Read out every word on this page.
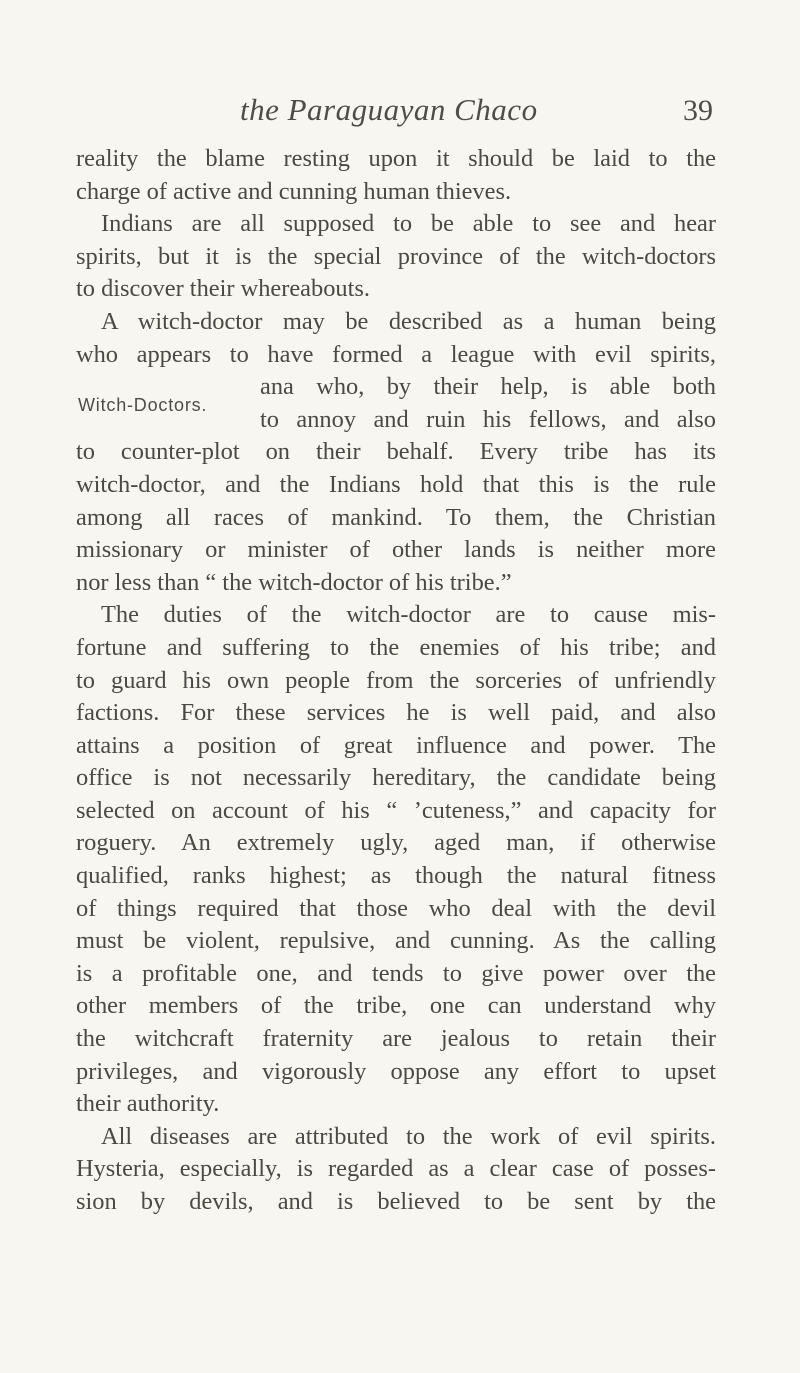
the Paraguayan Chaco	39
reality the blame resting upon it should be laid to the
charge of active and cunning human thieves.
Indians are all supposed to be able to see and hear
spirits, but it is the special province of the witch-doctors
to discover their whereabouts.
A witch-doctor may be described as a human being
who appears to have formed a league with evil spirits,
Witch-Doctors.
ana who, by their help, is able both
to annoy and ruin his fellows, and also
to counter-plot on their behalf. Every tribe has its
witch-doctor, and the Indians hold that this is the rule
among all races of mankind. To them, the Christian
missionary or minister of other lands is neither more
nor less than “ the witch-doctor of his tribe.”
The duties of the witch-doctor are to cause mis-
fortune and suffering to the enemies of his tribe; and
to guard his own people from the sorceries of unfriendly
factions. For these services he is well paid, and also
attains a position of great influence and power. The
office is not necessarily hereditary, the candidate being
selected on account of his “ ’cuteness,” and capacity for
roguery. An extremely ugly, aged man, if otherwise
qualified, ranks highest; as though the natural fitness
of things required that those who deal with the devil
must be violent, repulsive, and cunning. As the calling
is a profitable one, and tends to give power over the
other members of the tribe, one can understand why
the witchcraft fraternity are jealous to retain their
privileges, and vigorously oppose any effort to upset
their authority.
All diseases are attributed to the work of evil spirits.
Hysteria, especially, is regarded as a clear case of posses-
sion by devils, and is believed to be sent by the
